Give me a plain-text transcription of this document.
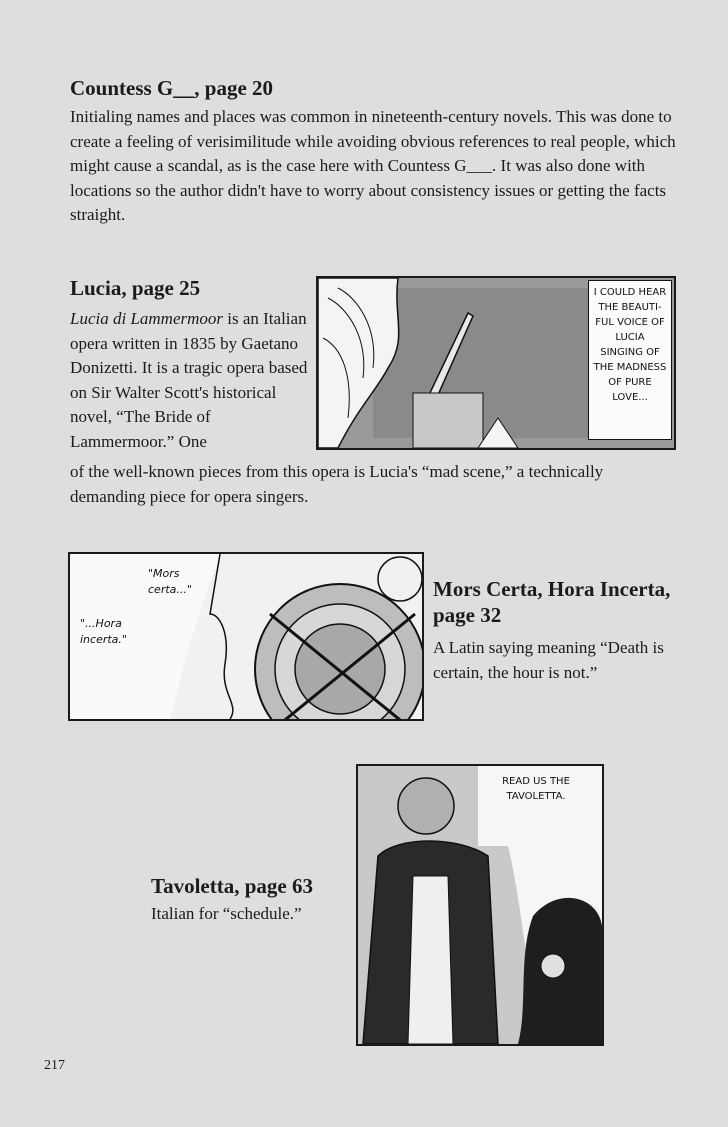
Countess G__, page 20

Initialing names and places was common in nineteenth-century novels. This was done to create a feeling of verisimilitude while avoiding obvious references to real people, which might cause a scandal, as is the case here with Countess G___. It was also done with locations so the author didn't have to worry about consistency issues or getting the facts straight.

Lucia, page 25

Lucia di Lammermoor is an Italian opera written in 1835 by Gaetano Donizetti. It is a tragic opera based on Sir Walter Scott's historical novel, “The Bride of Lammermoor.” One

of the well-known pieces from this opera is Lucia's “mad scene,” a technically demanding piece for opera singers.

I COULD HEAR THE BEAUTI- FUL VOICE OF LUCIA SINGING OF THE MADNESS OF PURE LOVE...
"Mors certa..."
"...Hora incerta."
Mors Certa, Hora Incerta, page 32

A Latin saying meaning “Death is certain, the hour is not.”

READ US THE TAVOLETTA.
Tavoletta, page 63

Italian for “schedule.”

217
